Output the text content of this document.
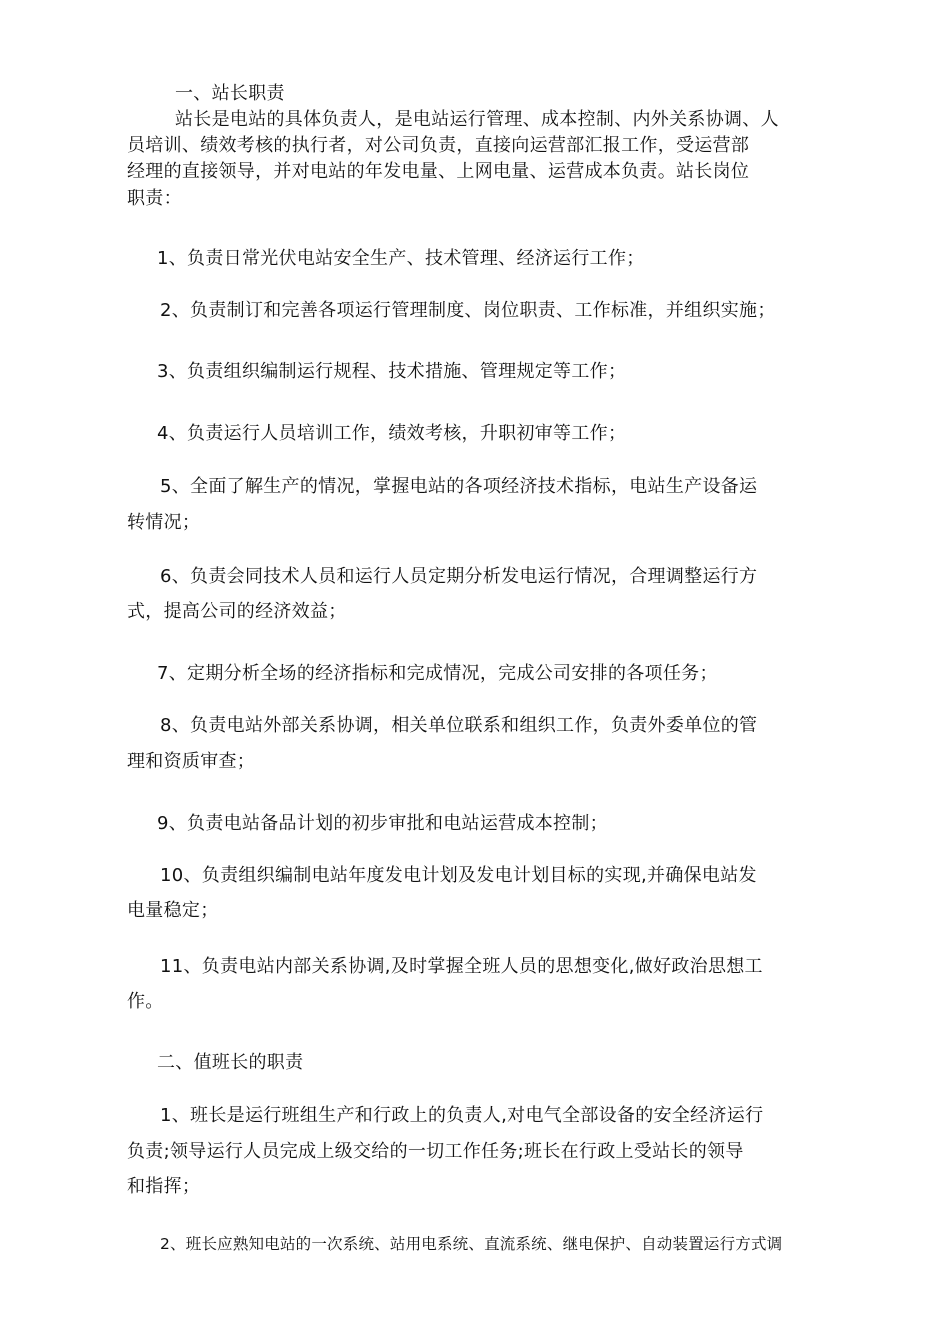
一、站长职责
站长是电站的具体负责人，是电站运行管理、成本控制、内外关系协调、人
员培训、绩效考核的执行者，对公司负责，直接向运营部汇报工作，受运营部
经理的直接领导，并对电站的年发电量、上网电量、运营成本负责。站长岗位
职责：
1、负责日常光伏电站安全生产、技术管理、经济运行工作；
2、负责制订和完善各项运行管理制度、岗位职责、工作标准，并组织实施；
3、负责组织编制运行规程、技术措施、管理规定等工作；
4、负责运行人员培训工作，绩效考核，升职初审等工作；
5、全面了解生产的情况，掌握电站的各项经济技术指标，电站生产设备运
转情况；
6、负责会同技术人员和运行人员定期分析发电运行情况，合理调整运行方
式，提高公司的经济效益；
7、定期分析全场的经济指标和完成情况，完成公司安排的各项任务；
8、负责电站外部关系协调，相关单位联系和组织工作，负责外委单位的管
理和资质审查；
9、负责电站备品计划的初步审批和电站运营成本控制；
10、负责组织编制电站年度发电计划及发电计划目标的实现,并确保电站发
电量稳定；
11、负责电站内部关系协调,及时掌握全班人员的思想变化,做好政治思想工
作。
二、值班长的职责
1、班长是运行班组生产和行政上的负责人,对电气全部设备的安全经济运行
负责;领导运行人员完成上级交给的一切工作任务;班长在行政上受站长的领导
和指挥；
2、班长应熟知电站的一次系统、站用电系统、直流系统、继电保护、自动装置运行方式调
